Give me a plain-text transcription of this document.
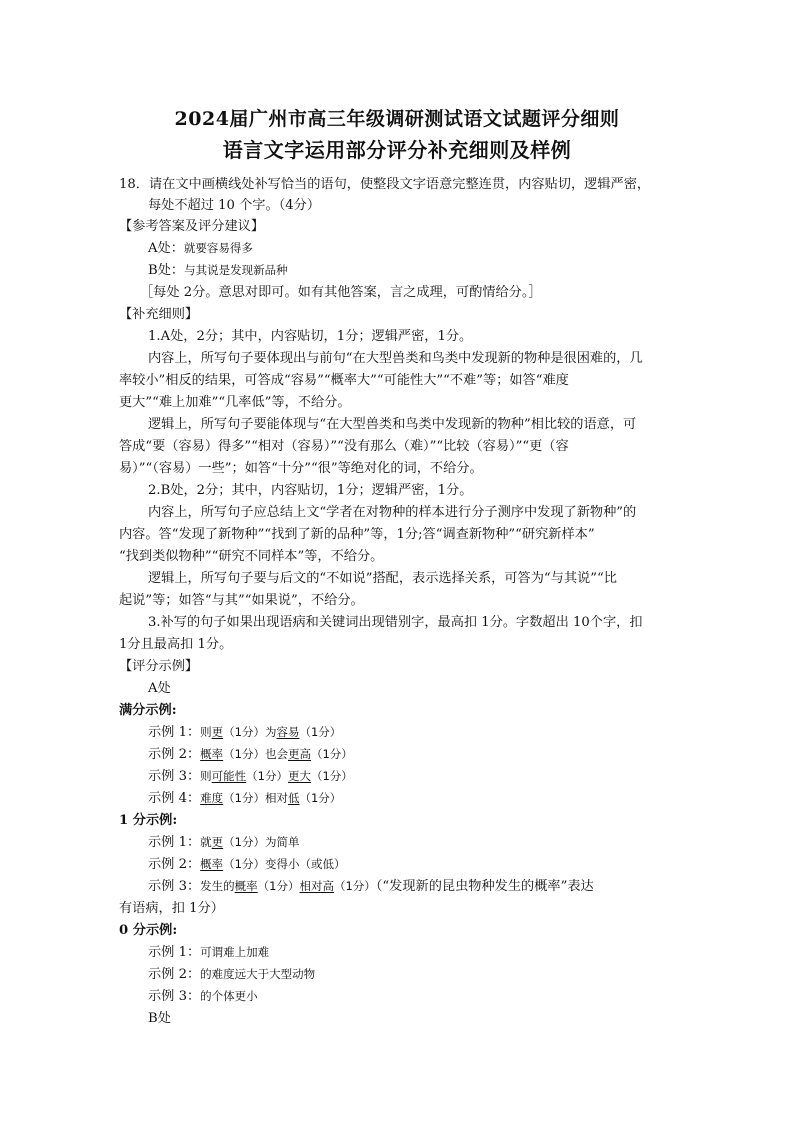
2024届广州市高三年级调研测试语文试题评分细则
语言文字运用部分评分补充细则及样例
18．请在文中画横线处补写恰当的语句，使整段文字语意完整连贯，内容贴切，逻辑严密，
每处不超过 10 个字。（4分）
【参考答案及评分建议】
A处：就要容易得多
B处：与其说是发现新品种
［每处 2分。意思对即可。如有其他答案，言之成理，可酌情给分。］
【补充细则】
1.A处，2分；其中，内容贴切，1分；逻辑严密，1分。
内容上，所写句子要体现出与前句“在大型兽类和鸟类中发现新的物种是很困难的，几
率较小”相反的结果，可答成“容易”“概率大”“可能性大”“不难”等；如答“难度
更大”“难上加难”“几率低”等，不给分。
逻辑上，所写句子要能体现与“在大型兽类和鸟类中发现新的物种”相比较的语意，可
答成“要（容易）得多”“相对（容易）”“没有那么（难）”“比较（容易）”“更（容
易）”“（容易）一些”；如答“十分”“很”等绝对化的词，不给分。
2.B处，2分；其中，内容贴切，1分；逻辑严密，1分。
内容上，所写句子应总结上文“学者在对物种的样本进行分子测序中发现了新物种”的
内容。答“发现了新物种”“找到了新的品种”等，1分;答“调查新物种”“研究新样本”
“找到类似物种”“研究不同样本”等，不给分。
逻辑上，所写句子要与后文的“不如说”搭配，表示选择关系，可答为“与其说”“比
起说”等；如答“与其”“如果说”，不给分。
3.补写的句子如果出现语病和关键词出现错别字，最高扣 1分。字数超出 10个字，扣
1分且最高扣 1分。
【评分示例】
A处
满分示例:
示例 1：则更（1分）为容易（1分）
示例 2：概率（1分）也会更高（1分）
示例 3：则可能性（1分）更大（1分）
示例 4：难度（1分）相对低（1分）
1 分示例:
示例 1：就更（1分）为简单
示例 2：概率（1分）变得小（或低）
示例 3：发生的概率（1分）相对高（1分）（“发现新的昆虫物种发生的概率”表达
有语病，扣 1分）
0 分示例:
示例 1：可谓难上加难
示例 2：的难度远大于大型动物
示例 3：的个体更小
B处
